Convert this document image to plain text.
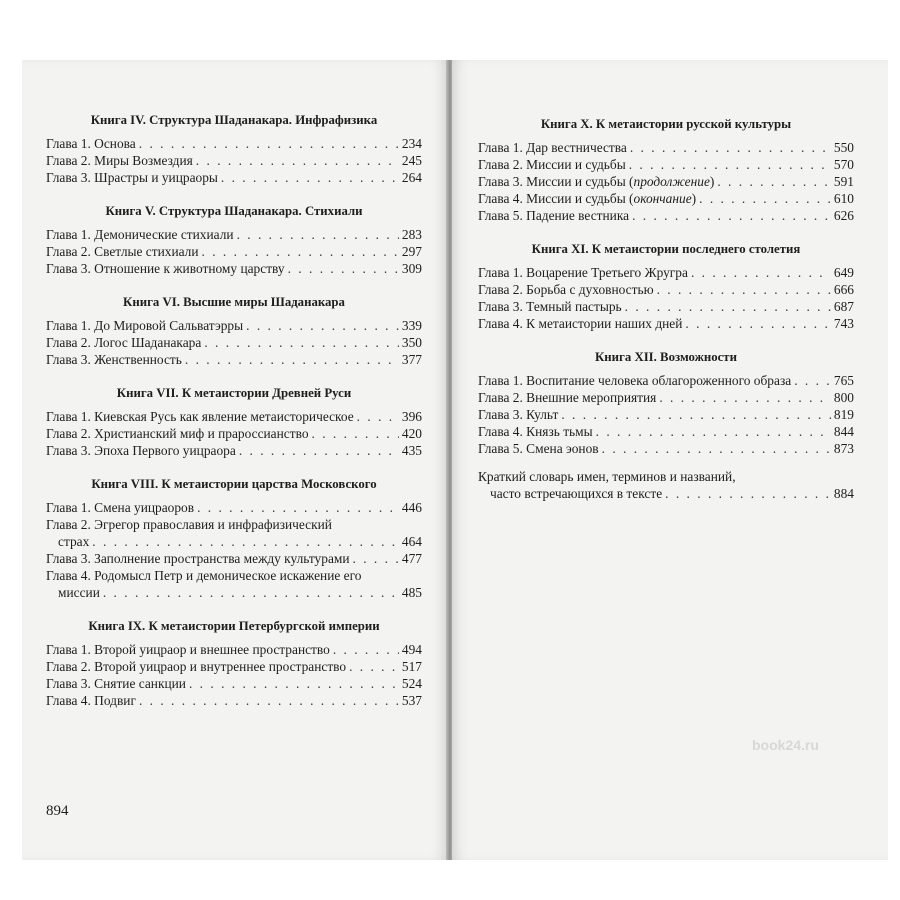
Книга IV. Структура Шаданакара. Инфрафизика
Глава 1. Основа . . .	234
Глава 2. Миры Возмездия . . .	245
Глава 3. Шрастры и уицраоры . . .	264
Книга V. Структура Шаданакара. Стихиали
Глава 1. Демонические стихиали . . .	283
Глава 2. Светлые стихиали . . .	297
Глава 3. Отношение к животному царству . . .	309
Книга VI. Высшие миры Шаданакара
Глава 1. До Мировой Сальватэрры . . .	339
Глава 2. Логос Шаданакара . . .	350
Глава 3. Женственность . . .	377
Книга VII. К метаистории Древней Руси
Глава 1. Киевская Русь как явление метаисторическое . . .	396
Глава 2. Христианский миф и прароссианство . . .	420
Глава 3. Эпоха Первого уицраора . . .	435
Книга VIII. К метаистории царства Московского
Глава 1. Смена уицраоров . . .	446
Глава 2. Эгрегор православия и инфрафизический
страх . . .	464
Глава 3. Заполнение пространства между культурами . . .	477
Глава 4. Родомысл Петр и демоническое искажение его
миссии . . .	485
Книга IX. К метаистории Петербургской империи
Глава 1. Второй уицраор и внешнее пространство . . .	494
Глава 2. Второй уицраор и внутреннее пространство . . .	517
Глава 3. Снятие санкции . . .	524
Глава 4. Подвиг . . .	537
894
book24.ru
Книга X. К метаистории русской культуры
Глава 1. Дар вестничества . . .	550
Глава 2. Миссии и судьбы . . .	570
Глава 3. Миссии и судьбы (продолжение) . . .	591
Глава 4. Миссии и судьбы (окончание) . . .	610
Глава 5. Падение вестника . . .	626
Книга XI. К метаистории последнего столетия
Глава 1. Воцарение Третьего Жругра . . .	649
Глава 2. Борьба с духовностью . . .	666
Глава 3. Темный пастырь . . .	687
Глава 4. К метаистории наших дней . . .	743
Книга XII. Возможности
Глава 1. Воспитание человека облагороженного образа . . .	765
Глава 2. Внешние мероприятия . . .	800
Глава 3. Культ . . .	819
Глава 4. Князь тьмы . . .	844
Глава 5. Смена эонов . . .	873
Краткий словарь имен, терминов и названий,
часто встречающихся в тексте . . .	884
